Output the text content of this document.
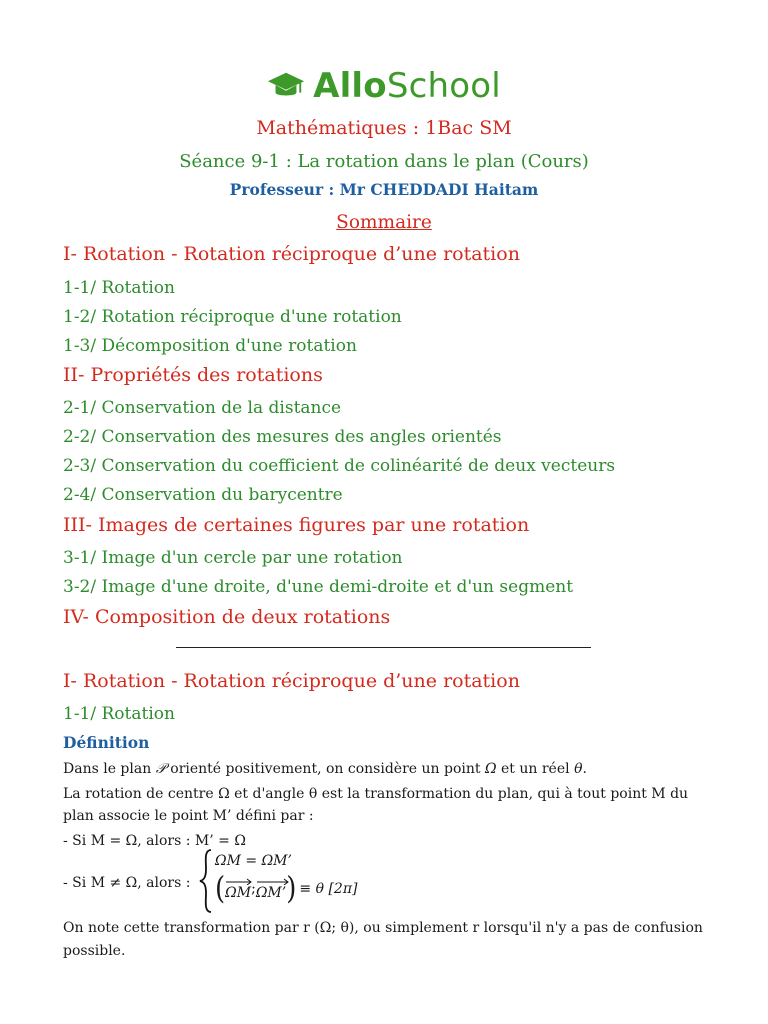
AlloSchool
Mathématiques : 1Bac SM
Séance 9-1 : La rotation dans le plan (Cours)
Professeur : Mr CHEDDADI Haitam
Sommaire
I- Rotation - Rotation réciproque d’une rotation
1-1/ Rotation
1-2/ Rotation réciproque d'une rotation
1-3/ Décomposition d'une rotation
II- Propriétés des rotations
2-1/ Conservation de la distance
2-2/ Conservation des mesures des angles orientés
2-3/ Conservation du coefficient de colinéarité de deux vecteurs
2-4/ Conservation du barycentre
III- Images de certaines figures par une rotation
3-1/ Image d'un cercle par une rotation
3-2/ Image d'une droite, d'une demi-droite et d'un segment
IV- Composition de deux rotations
I- Rotation - Rotation réciproque d’une rotation
1-1/ Rotation
Définition
Dans le plan 𝒫 orienté positivement, on considère un point Ω et un réel θ.
La rotation de centre Ω et d'angle θ est la transformation du plan, qui à tout point M du
plan associe le point M’ défini par :
- Si M = Ω, alors : M’ = Ω
- Si M ≠ Ω, alors :
ΩM = ΩM’
( ΩM ; ΩM’ ) ≡ θ [2π]
On note cette transformation par r (Ω; θ), ou simplement r lorsqu'il n'y a pas de confusion
possible.
